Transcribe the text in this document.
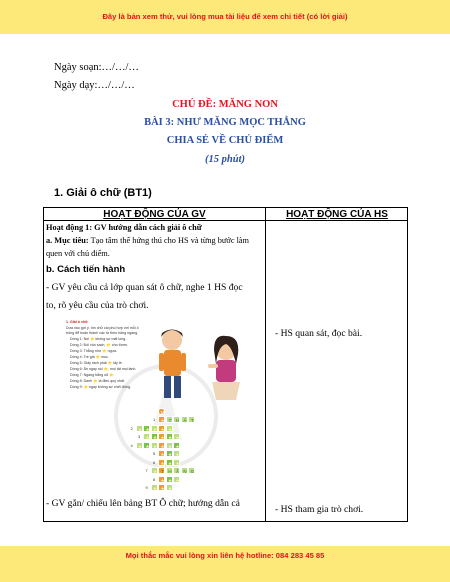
Đây là bản xem thử, vui lòng mua tài liệu để xem chi tiết (có lời giải)
Ngày soạn:…/…/…
Ngày dạy:…/…/…
CHỦ ĐỀ: MĂNG NON
BÀI 3: NHƯ MĂNG MỌC THẲNG
CHIA SẺ VỀ CHỦ ĐIỂM
(15 phút)
1. Giải ô chữ (BT1)
HOẠT ĐỘNG CỦA GV	HOẠT ĐỘNG CỦA HS
Hoạt động 1: GV hướng dẫn cách giải ô chữ
a. Mục tiêu: Tạo tâm thế hứng thú cho HS và từng bước làm
quen với chủ điểm.
b. Cách tiến hành
- GV yêu cầu cả lớp quan sát ô chữ, nghe 1 HS đọc
to, rõ yêu cầu của trò chơi.
1. Giải ô chữ
Dựa vào gợi ý, tìm chữ cái phù hợp với mỗi ô
trống để hoàn thành các từ theo hàng ngang.
Dòng 1: Nói ⭐ không sự mất lòng.
Dòng 2: Đói cho sạch, ⭐ cho thơm.
Dòng 3: Thẳng như ⭐ ngựa.
Dòng 4: Tre già ⭐ mọc.
Dòng 5: Giấy rách phải ⭐ lấy lề.
Dòng 6: Ăn ngay nói ⭐, mọi tật mọi lành.
Dòng 7: Ngang bằng sổ ⭐.
Dòng 8: Danh ⭐ là điều quý nhất.
Dòng 9: ⭐ ngay không sợ chết đứng.
M
1	★ T	H Ậ	T
2	★ ★ ★ ★ ★
3	★ ★ ★ ★ ★
4	★ ★ ★ ★ ★ ★
5	★ ★ ★
6	★ ★ ★
7	★ T	H Ẳ N G
8	★ ★ ★
9	★ ★ ★
- GV gắn/ chiếu lên bảng BT Ô chữ; hướng dẫn cả
- HS quan sát, đọc bài.
- HS tham gia trò chơi.
Mọi thắc mắc vui lòng xin liên hệ hotline: 084 283 45 85
